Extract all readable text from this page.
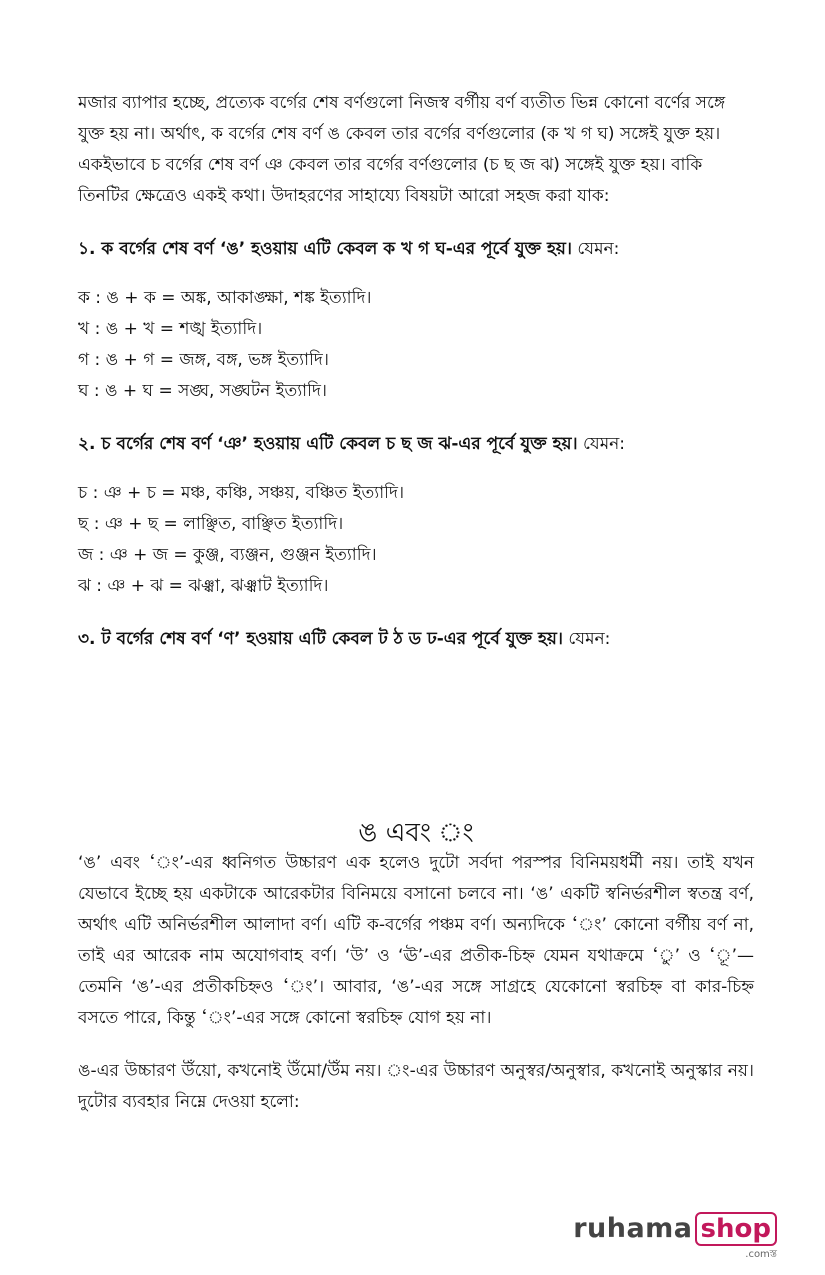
মজার ব্যাপার হচ্ছে, প্রত্যেক বর্গের শেষ বর্ণগুলো নিজস্ব বর্গীয় বর্ণ ব্যতীত ভিন্ন কোনো বর্ণের সঙ্গে যুক্ত হয় না। অর্থাৎ, ক বর্গের শেষ বর্ণ ঙ কেবল তার বর্গের বর্ণগুলোর (ক খ গ ঘ) সঙ্গেই যুক্ত হয়। একইভাবে চ বর্গের শেষ বর্ণ ঞ কেবল তার বর্গের বর্ণগুলোর (চ ছ জ ঝ) সঙ্গেই যুক্ত হয়। বাকি তিনটির ক্ষেত্রেও একই কথা। উদাহরণের সাহায্যে বিষয়টা আরো সহজ করা যাক:

১. ক বর্গের শেষ বর্ণ ‘ঙ’ হওয়ায় এটি কেবল ক খ গ ঘ-এর পূর্বে যুক্ত হয়। যেমন:

ক : ঙ + ক = অঙ্ক, আকাঙ্ক্ষা, শঙ্ক ইত্যাদি।
খ : ঙ + খ = শঙ্খ ইত্যাদি।
গ : ঙ + গ = জঙ্গ, বঙ্গ, ভঙ্গ ইত্যাদি।
ঘ : ঙ + ঘ = সঙ্ঘ, সঙ্ঘটন ইত্যাদি।

২. চ বর্গের শেষ বর্ণ ‘ঞ’ হওয়ায় এটি কেবল চ ছ জ ঝ-এর পূর্বে যুক্ত হয়। যেমন:

চ : ঞ + চ = মঞ্চ, কঞ্চি, সঞ্চয়, বঞ্চিত ইত্যাদি।
ছ : ঞ + ছ = লাঞ্ছিত, বাঞ্ছিত ইত্যাদি।
জ : ঞ + জ = কুঞ্জ, ব্যঞ্জন, গুঞ্জন ইত্যাদি।
ঝ : ঞ + ঝ = ঝঞ্ঝা, ঝঞ্ঝাট ইত্যাদি।

৩. ট বর্গের শেষ বর্ণ ‘ণ’ হওয়ায় এটি কেবল ট ঠ ড ঢ-এর পূর্বে যুক্ত হয়। যেমন:

ঙ এবং ং

‘ঙ’ এবং ‘ং’-এর ধ্বনিগত উচ্চারণ এক হলেও দুটো সর্বদা পরস্পর বিনিময়ধর্মী নয়। তাই যখন যেভাবে ইচ্ছে হয় একটাকে আরেকটার বিনিময়ে বসানো চলবে না। ‘ঙ’ একটি স্বনির্ভরশীল স্বতন্ত্র বর্ণ, অর্থাৎ এটি অনির্ভরশীল আলাদা বর্ণ। এটি ক-বর্গের পঞ্চম বর্ণ। অন্যদিকে ‘ং’ কোনো বর্গীয় বর্ণ না, তাই এর আরেক নাম অযোগবাহ বর্ণ। ‘উ’ ও ‘ঊ’-এর প্রতীক-চিহ্ন যেমন যথাক্রমে ‘ু’ ও ‘ূ’—তেমনি ‘ঙ’-এর প্রতীকচিহ্নও ‘ং’। আবার, ‘ঙ’-এর সঙ্গে সাগ্রহে যেকোনো স্বরচিহ্ন বা কার-চিহ্ন বসতে পারে, কিন্তু ‘ং’-এর সঙ্গে কোনো স্বরচিহ্ন যোগ হয় না।

ঙ-এর উচ্চারণ উঁয়ো, কখনোই উঁমো/উঁম নয়। ং-এর উচ্চারণ অনুস্বর/অনুস্বার, কখনোই অনুস্কার নয়। দুটোর ব্যবহার নিম্নে দেওয়া হলো:

ruhama shop
.comস্ত
